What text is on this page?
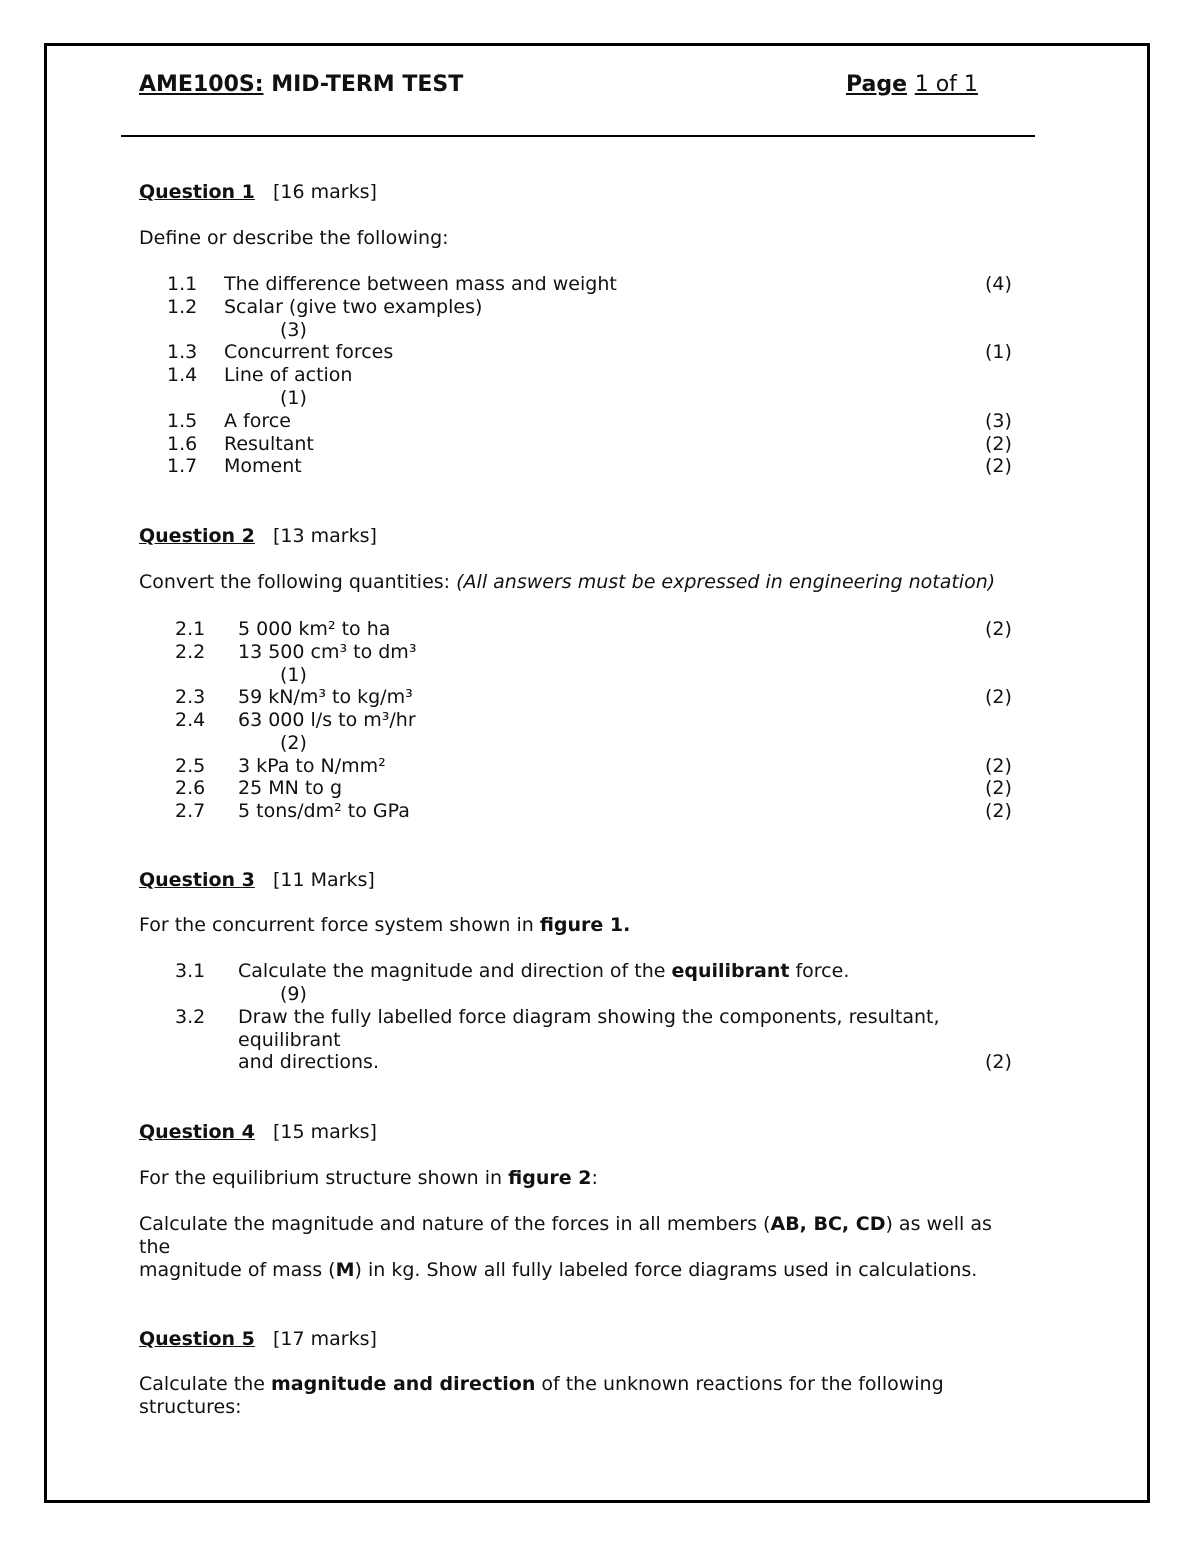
AME100S: MID-TERM TEST	Page 1 of 1
Question 1 [16 marks]
Define or describe the following:
1.1 The difference between mass and weight	(4)
1.2 Scalar (give two examples)
(3)
1.3 Concurrent forces	(1)
1.4 Line of action
(1)
1.5 A force	(3)
1.6 Resultant	(2)
1.7 Moment	(2)
Question 2 [13 marks]
Convert the following quantities: (All answers must be expressed in engineering notation)
2.1 5 000 km² to ha	(2)
2.2 13 500 cm³ to dm³
(1)
2.3 59 kN/m³ to kg/m³	(2)
2.4 63 000 l/s to m³/hr
(2)
2.5 3 kPa to N/mm²	(2)
2.6 25 MN to g	(2)
2.7 5 tons/dm² to GPa	(2)
Question 3 [11 Marks]
For the concurrent force system shown in figure 1.
3.1 Calculate the magnitude and direction of the equilibrant force.
(9)
3.2 Draw the fully labelled force diagram showing the components, resultant,
equilibrant
and directions.	(2)
Question 4 [15 marks]
For the equilibrium structure shown in figure 2:
Calculate the magnitude and nature of the forces in all members (AB, BC, CD) as well as
the
magnitude of mass (M) in kg. Show all fully labeled force diagrams used in calculations.
Question 5 [17 marks]
Calculate the magnitude and direction of the unknown reactions for the following
structures:
